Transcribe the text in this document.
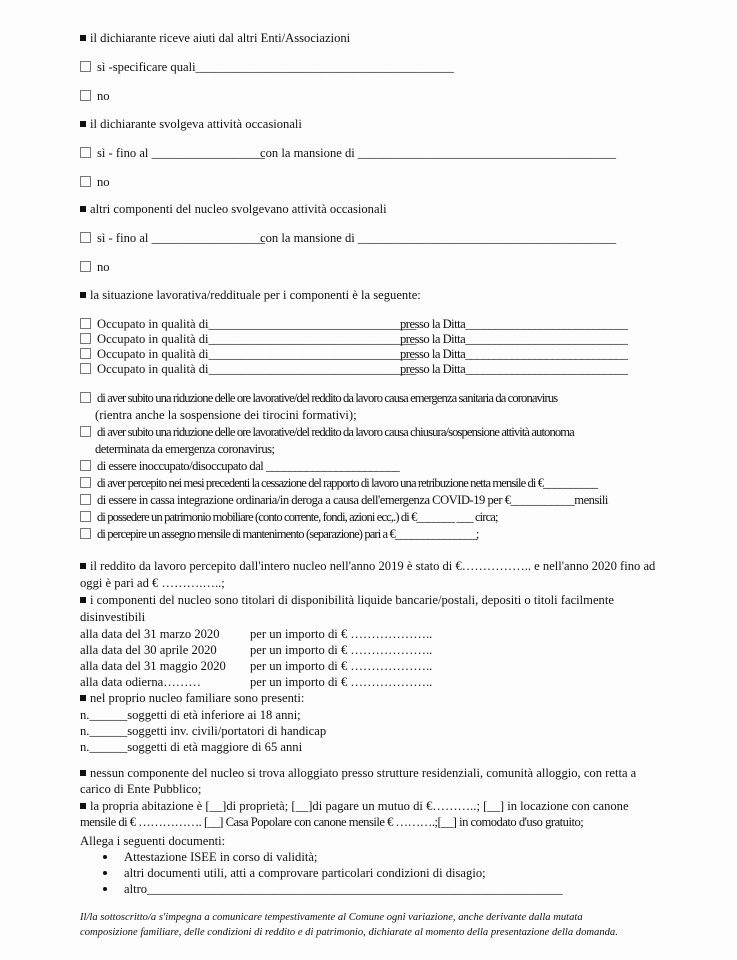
il dichiarante riceve aiuti dal altri Enti/Associazioni
sì -specificare quali_________________________________________
no
il dichiarante svolgeva attività occasionali
sì - fino al __________________
con la mansione di _________________________________________
no
altri componenti del nucleo svolgevano attività occasionali
sì - fino al __________________
con la mansione di _________________________________________
no
la situazione lavorativa/reddituale per i componenti è la seguente:
Occupato in qualità di_________________________________
presso la Ditta____________________________
Occupato in qualità di_________________________________
presso la Ditta____________________________
Occupato in qualità di_________________________________
presso la Ditta____________________________
Occupato in qualità di_________________________________
presso la Ditta____________________________
di aver subito una riduzione delle ore lavorative/del reddito da lavoro causa emergenza sanitaria da coronavirus
(rientra anche la sospensione dei tirocini formativi);
di aver subito una riduzione delle ore lavorative/del reddito da lavoro causa chiusura/sospensione attività autonoma
determinata da emergenza coronavirus;
di essere inoccupato/disoccupato dal _______________________
di aver percepito nei mesi precedenti la cessazione del rapporto di lavoro una retribuzione netta mensile di €__________
di essere in cassa integrazione ordinaria/in deroga a causa dell'emergenza COVID-19 per €___________mensili
di possedere un patrimonio mobiliare (conto corrente, fondi, azioni ecc,.) di €_______ ___ circa;
di percepire un assegno mensile di mantenimento (separazione) pari a €_______________;
il reddito da lavoro percepito dall'intero nucleo nell'anno 2019 è stato di €…………….. e nell'anno 2020 fino ad
oggi è pari ad € ……….…..;
i componenti del nucleo sono titolari di disponibilità liquide bancarie/postali, depositi o titoli facilmente
disinvestibili
alla data del 31 marzo 2020 per un importo di € ………………..
alla data del 30 aprile 2020	per un importo di € ………………..
alla data del 31 maggio 2020 per un importo di € ………………..
alla data odierna………	per un importo di € ………………..
nel proprio nucleo familiare sono presenti:
n.______soggetti di età inferiore ai 18 anni;
n.______soggetti inv. civili/portatori di handicap
n.______soggetti di età maggiore di 65 anni
nessun componente del nucleo si trova alloggiato presso strutture residenziali, comunità alloggio, con retta a
carico di Ente Pubblico;
la propria abitazione è [__]di proprietà; [__]di pagare un mutuo di €………..; [__] in locazione con canone
mensile di € ……………. [__] Casa Popolare con canone mensile € ……….;[__] in comodato d'uso gratuito;
Allega i seguenti documenti:
Attestazione ISEE in corso di validità;
altri documenti utili, atti a comprovare particolari condizioni di disagio;
altro__________________________________________________________________
Il/la sottoscritto/a s'impegna a comunicare tempestivamente al Comune ogni variazione, anche derivante dalla mutata
composizione familiare, delle condizioni di reddito e di patrimonio, dichiarate al momento della presentazione della domanda.
